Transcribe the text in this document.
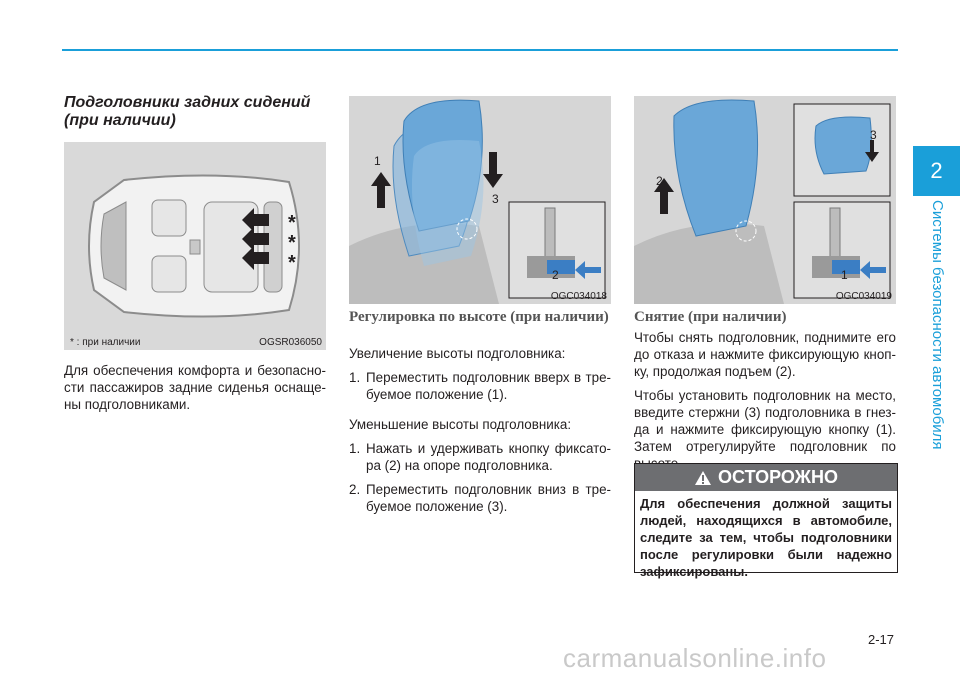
2
Системы безопасности автомобиля
Подголовники задних сидений (при наличии)
*
*
*
* : при наличии	OGSR036050

Для обеспечения комфорта и безопасно-сти пассажиров задние сиденья оснаще-ны подголовниками.

1
2
3
OGC034018
Регулировка по высоте (при наличии)

Увеличение высоты подголовника:

1. Переместить подголовник вверх в тре-буемое положение (1).

Уменьшение высоты подголовника:

1. Нажать и удерживать кнопку фиксато-ра (2) на опоре подголовника.
2. Переместить подголовник вниз в тре-буемое положение (3).
1
2
3
OGC034019
Снятие (при наличии)

Чтобы снять подголовник, поднимите его до отказа и нажмите фиксирующую кноп-ку, продолжая подъем (2).

Чтобы установить подголовник на место, введите стержни (3) подголовника в гнез-да и нажмите фиксирующую кнопку (1). Затем отрегулируйте подголовник по

ОСТОРОЖНО
Для обеспечения должной защиты людей, находящихся в автомобиле, следите за тем, чтобы подголовники после регулировки были надежно зафиксированы.
2-17
carmanualsonline.info
